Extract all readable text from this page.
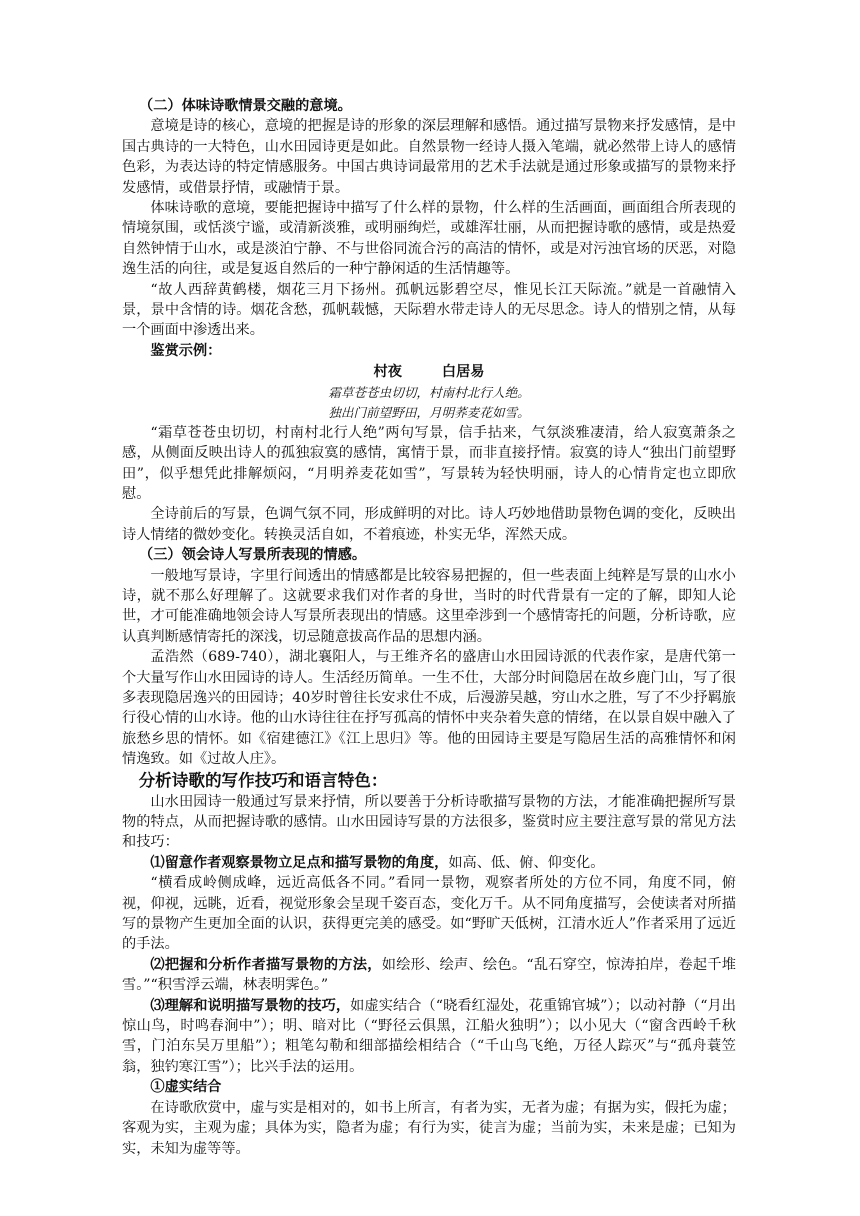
（二）体味诗歌情景交融的意境。

意境是诗的核心，意境的把握是诗的形象的深层理解和感悟。通过描写景物来抒发感情，是中国古典诗的一大特色，山水田园诗更是如此。自然景物一经诗人摄入笔端，就必然带上诗人的感情色彩，为表达诗的特定情感服务。中国古典诗词最常用的艺术手法就是通过形象或描写的景物来抒发感情，或借景抒情，或融情于景。

体味诗歌的意境，要能把握诗中描写了什么样的景物，什么样的生活画面，画面组合所表现的情境氛围，或恬淡宁谧，或清新淡雅，或明丽绚烂，或雄浑壮丽，从而把握诗歌的感情，或是热爱自然钟情于山水，或是淡泊宁静、不与世俗同流合污的高洁的情怀，或是对污浊官场的厌恶，对隐逸生活的向往，或是复返自然后的一种宁静闲适的生活情趣等。

“故人西辞黄鹤楼，烟花三月下扬州。孤帆远影碧空尽，惟见长江天际流。”就是一首融情入景，景中含情的诗。烟花含愁，孤帆载憾，天际碧水带走诗人的无尽思念。诗人的惜别之情，从每一个画面中渗透出来。

鉴赏示例：

村夜	白居易

霜草苍苍虫切切，村南村北行人绝。

独出门前望野田，月明荞麦花如雪。

“霜草苍苍虫切切，村南村北行人绝”两句写景，信手拈来，气氛淡雅凄清，给人寂寞萧条之感，从侧面反映出诗人的孤独寂寞的感情，寓情于景，而非直接抒情。寂寞的诗人“独出门前望野田”，似乎想凭此排解烦闷，“月明养麦花如雪”，写景转为轻快明丽，诗人的心情肯定也立即欣慰。

全诗前后的写景，色调气氛不同，形成鲜明的对比。诗人巧妙地借助景物色调的变化，反映出诗人情绪的微妙变化。转换灵活自如，不着痕迹，朴实无华，浑然天成。

（三）领会诗人写景所表现的情感。

一般地写景诗，字里行间透出的情感都是比较容易把握的，但一些表面上纯粹是写景的山水小诗，就不那么好理解了。这就要求我们对作者的身世，当时的时代背景有一定的了解，即知人论世，才可能准确地领会诗人写景所表现出的情感。这里牵涉到一个感情寄托的问题，分析诗歌，应认真判断感情寄托的深浅，切忌随意拔高作品的思想内涵。

孟浩然（689-740），湖北襄阳人，与王维齐名的盛唐山水田园诗派的代表作家，是唐代第一个大量写作山水田园诗的诗人。生活经历简单。一生不仕，大部分时间隐居在故乡鹿门山，写了很多表现隐居逸兴的田园诗；40岁时曾往长安求仕不成，后漫游吴越，穷山水之胜，写了不少抒羁旅行役心情的山水诗。他的山水诗往往在抒写孤高的情怀中夹杂着失意的情绪，在以景自娱中融入了旅愁乡思的情怀。如《宿建德江》《江上思归》等。他的田园诗主要是写隐居生活的高雅情怀和闲情逸致。如《过故人庄》。

分析诗歌的写作技巧和语言特色：

山水田园诗一般通过写景来抒情，所以要善于分析诗歌描写景物的方法，才能准确把握所写景物的特点，从而把握诗歌的感情。山水田园诗写景的方法很多，鉴赏时应主要注意写景的常见方法和技巧：

⑴留意作者观察景物立足点和描写景物的角度，如高、低、俯、仰变化。

“横看成岭侧成峰，远近高低各不同。”看同一景物，观察者所处的方位不同，角度不同，俯视，仰视，远眺，近看，视觉形象会呈现千姿百态，变化万千。从不同角度描写，会使读者对所描写的景物产生更加全面的认识，获得更完美的感受。如“野旷天低树，江清水近人”作者采用了远近的手法。

⑵把握和分析作者描写景物的方法，如绘形、绘声、绘色。“乱石穿空，惊涛拍岸，卷起千堆雪。”“积雪浮云端，林表明霁色。”

⑶理解和说明描写景物的技巧，如虚实结合（“晓看红湿处，花重锦官城”）；以动衬静（“月出惊山鸟，时鸣春涧中”）；明、暗对比（“野径云俱黑，江船火独明”）；以小见大（“窗含西岭千秋雪，门泊东吴万里船”）；粗笔勾勒和细部描绘相结合（“千山鸟飞绝，万径人踪灭”与“孤舟蓑笠翁，独钓寒江雪”）；比兴手法的运用。

①虚实结合

在诗歌欣赏中，虚与实是相对的，如书上所言，有者为实，无者为虚；有据为实，假托为虚；客观为实，主观为虚；具体为实，隐者为虚；有行为实，徒言为虚；当前为实，未来是虚；已知为实，未知为虚等等。
